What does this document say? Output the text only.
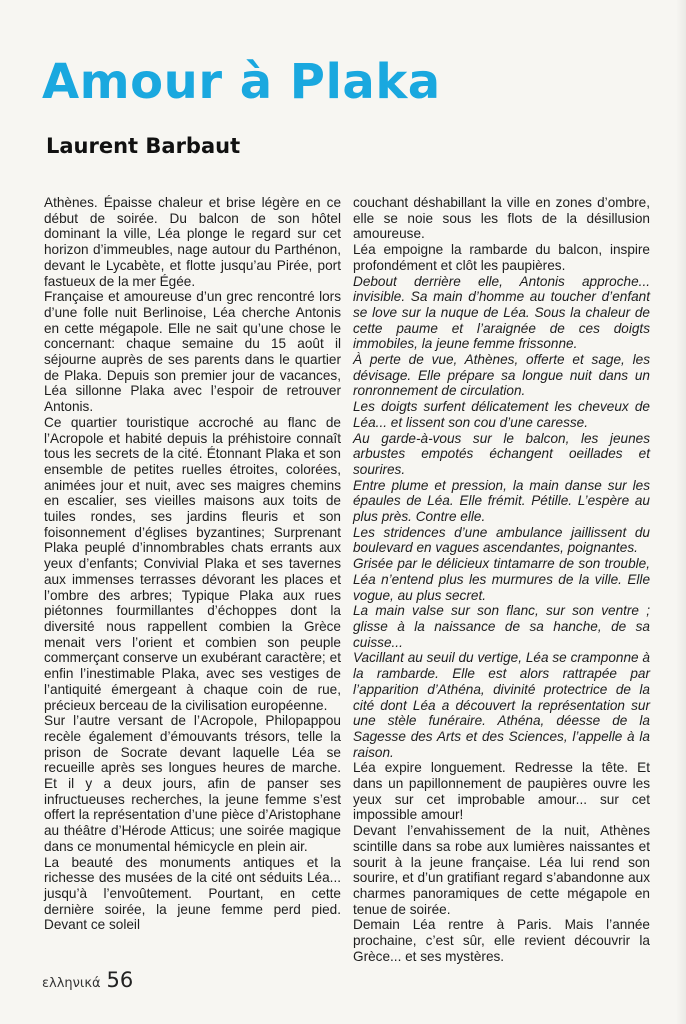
Amour à Plaka
Laurent Barbaut

Athènes. Épaisse chaleur et brise légère en ce début de soirée. Du balcon de son hôtel dominant la ville, Léa plonge le regard sur cet horizon d’immeubles, nage autour du Parthénon, devant le Lycabète, et flotte jusqu’au Pirée, port fastueux de la mer Égée.

Française et amoureuse d’un grec rencontré lors d’une folle nuit Berlinoise, Léa cherche Antonis en cette mégapole. Elle ne sait qu’une chose le concernant: chaque semaine du 15 août il séjourne auprès de ses parents dans le quartier de Plaka. Depuis son premier jour de vacances, Léa sillonne Plaka avec l’espoir de retrouver Antonis.

Ce quartier touristique accroché au flanc de l’Acropole et habité depuis la préhistoire connaît tous les secrets de la cité. Étonnant Plaka et son ensemble de petites ruelles étroites, colorées, animées jour et nuit, avec ses maigres chemins en escalier, ses vieilles maisons aux toits de tuiles rondes, ses jardins fleuris et son foisonnement d’églises byzantines; Surprenant Plaka peuplé d’innombrables chats errants aux yeux d’enfants; Convivial Plaka et ses tavernes aux immenses terrasses dévorant les places et l’ombre des arbres; Typique Plaka aux rues piétonnes fourmillantes d’échoppes dont la diversité nous rappellent combien la Grèce menait vers l’orient et combien son peuple commerçant conserve un exubérant caractère; et enfin l’inestimable Plaka, avec ses vestiges de l’antiquité émergeant à chaque coin de rue, précieux berceau de la civilisation européenne.

Sur l’autre versant de l’Acropole, Philopappou recèle également d’émouvants trésors, telle la prison de Socrate devant laquelle Léa se recueille après ses longues heures de marche. Et il y a deux jours, afin de panser ses infructueuses recherches, la jeune femme s’est offert la représentation d’une pièce d’Aristophane au théâtre d’Hérode Atticus; une soirée magique dans ce monumental hémicycle en plein air.

La beauté des monuments antiques et la richesse des musées de la cité ont séduits Léa... jusqu’à l’envoûtement. Pourtant, en cette dernière soirée, la jeune femme perd pied. Devant ce soleil

couchant déshabillant la ville en zones d’ombre, elle se noie sous les flots de la désillusion amoureuse.

Léa empoigne la rambarde du balcon, inspire profondément et clôt les paupières.

Debout derrière elle, Antonis approche... invisible. Sa main d’homme au toucher d’enfant se love sur la nuque de Léa. Sous la chaleur de cette paume et l’araignée de ces doigts immobiles, la jeune femme frissonne.

À perte de vue, Athènes, offerte et sage, les dévisage. Elle prépare sa longue nuit dans un ronronnement de circulation.

Les doigts surfent délicatement les cheveux de Léa... et lissent son cou d’une caresse.

Au garde-à-vous sur le balcon, les jeunes arbustes empotés échangent oeillades et sourires.

Entre plume et pression, la main danse sur les épaules de Léa. Elle frémit. Pétille. L’espère au plus près. Contre elle.

Les stridences d’une ambulance jaillissent du boulevard en vagues ascendantes, poignantes.

Grisée par le délicieux tintamarre de son trouble, Léa n’entend plus les murmures de la ville. Elle vogue, au plus secret.

La main valse sur son flanc, sur son ventre ; glisse à la naissance de sa hanche, de sa cuisse...

Vacillant au seuil du vertige, Léa se cramponne à la rambarde. Elle est alors rattrapée par l’apparition d’Athéna, divinité protectrice de la cité dont Léa a découvert la représentation sur une stèle funéraire. Athéna, déesse de la Sagesse des Arts et des Sciences, l’appelle à la raison.

Léa expire longuement. Redresse la tête. Et dans un papillonnement de paupières ouvre les yeux sur cet improbable amour... sur cet impossible amour!

Devant l’envahissement de la nuit, Athènes scintille dans sa robe aux lumières naissantes et sourit à la jeune française. Léa lui rend son sourire, et d’un gratifiant regard s’abandonne aux charmes panoramiques de cette mégapole en tenue de soirée.

Demain Léa rentre à Paris. Mais l’année prochaine, c’est sûr, elle revient découvrir la Grèce... et ses mystères.

ελληνικά 56
